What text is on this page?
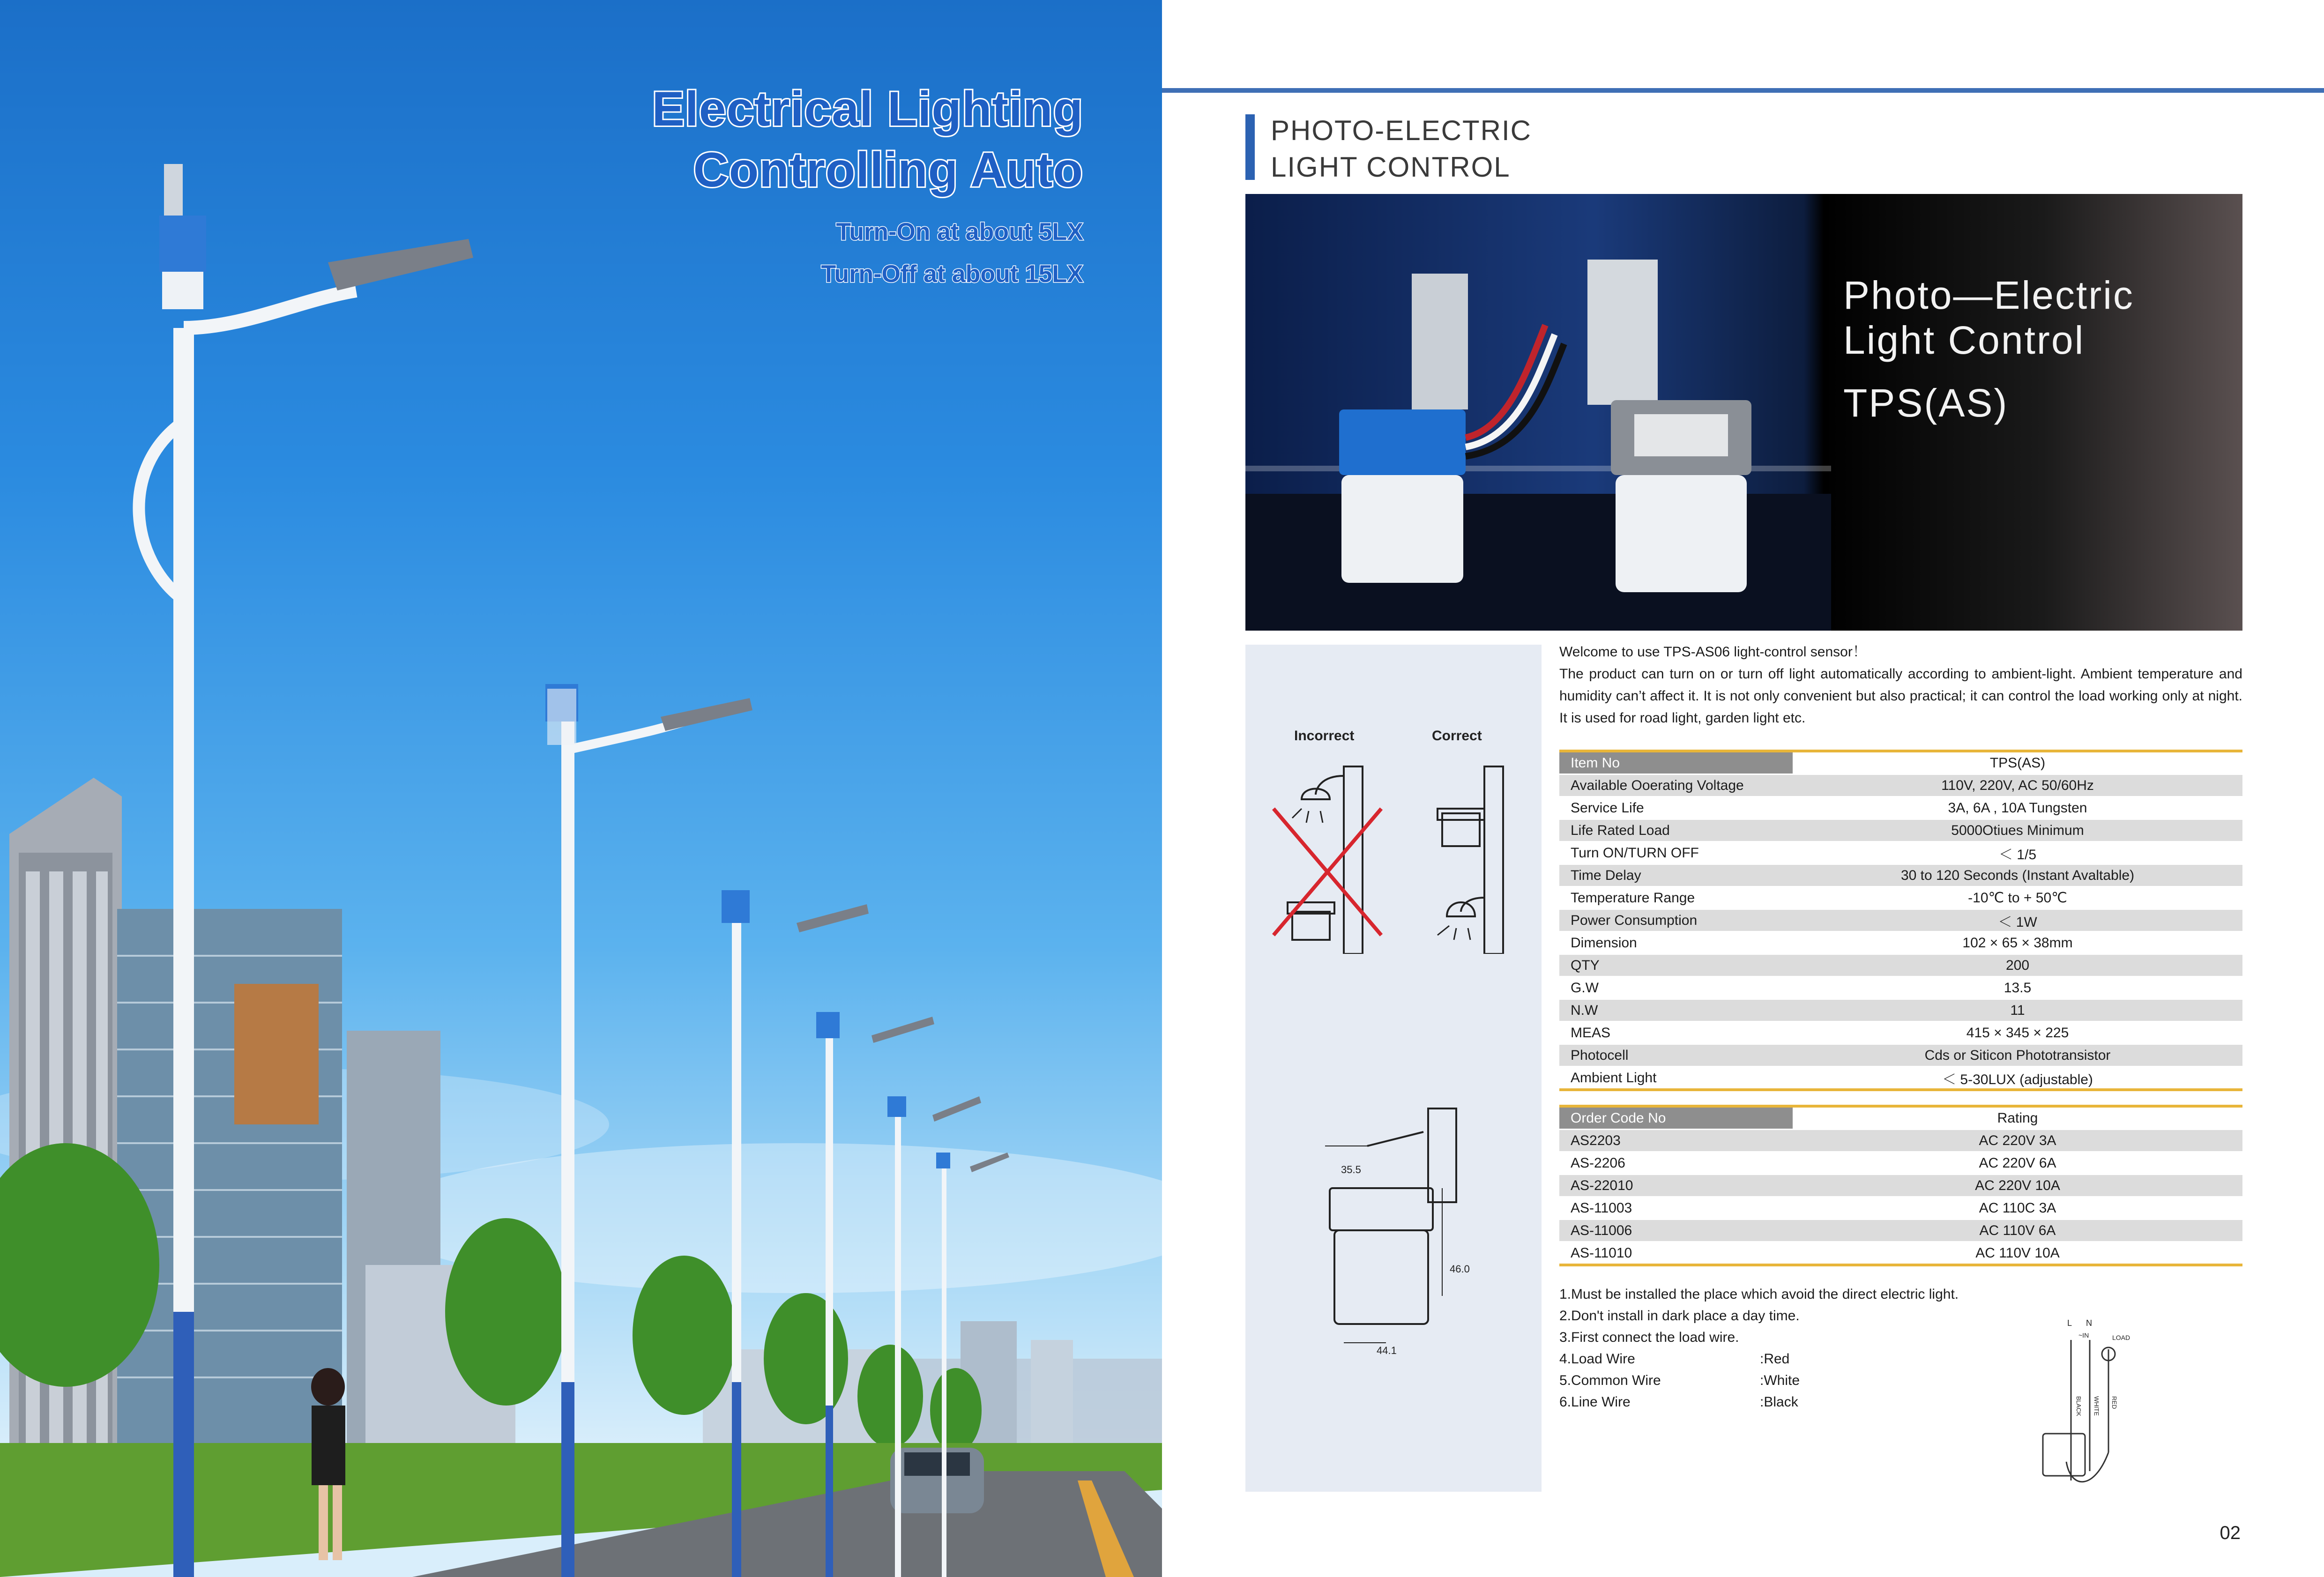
Electrical Lighting
Controlling Auto
Turn-On at about 5LX
Turn-Off at about 15LX
PHOTO-ELECTRIC
LIGHT CONTROL
Photo—Electric
Light Control
TPS(AS)
Incorrect	Correct
35.5
46.0
44.1
Welcome to use TPS-AS06 light-control sensor！
The product can turn on or turn off light automatically according to ambient-light. Ambient temperature and humidity can’t affect it. It is not only convenient but also practical; it can control the load working only at night. It is used for road light, garden light etc.
Item No	TPS(AS)
Available Ooerating Voltage	110V, 220V, AC 50/60Hz
Service Life	3A, 6A , 10A Tungsten
Life Rated Load	5000Otiues Minimum
Turn ON/TURN OFF	＜ 1/5
Time Delay	30 to 120 Seconds (Instant Avaltable)
Temperature Range	-10℃ to + 50℃
Power Consumption	＜ 1W
Dimension	102 × 65 × 38mm
QTY	200
G.W	13.5
N.W	11
MEAS	415 × 345 × 225
Photocell	Cds or Siticon Phototransistor
Ambient Light	＜ 5-30LUX (adjustable)
Order Code No	Rating
AS2203	AC 220V 3A
AS-2206	AC 220V 6A
AS-22010	AC 220V 10A
AS-11003	AC 110C 3A
AS-11006	AC 110V 6A
AS-11010	AC 110V 10A
1.Must be installed the place which avoid the direct electric light.
2.Don't install in dark place a day time.
3.First connect the load wire.
4.Load Wire	:Red
5.Common Wire	:White
6.Line Wire	:Black
L N
~IN	LOAD
BLACK WHITE RED
02
